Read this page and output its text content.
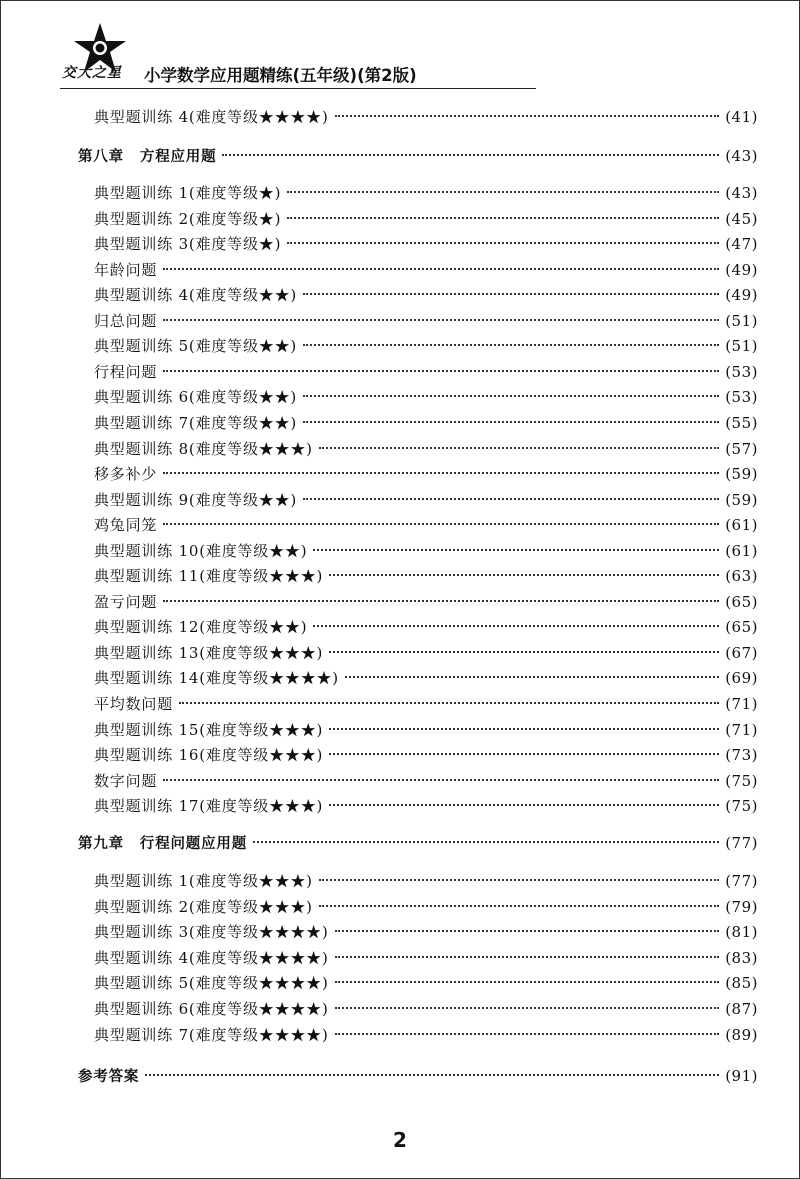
交大之星	小学数学应用题精练(五年级)(第2版)
典型题训练 4(难度等级★★★★)	(41)
第八章 方程应用题	(43)
典型题训练 1(难度等级★)	(43)
典型题训练 2(难度等级★)	(45)
典型题训练 3(难度等级★)	(47)
年龄问题	(49)
典型题训练 4(难度等级★★)	(49)
归总问题	(51)
典型题训练 5(难度等级★★)	(51)
行程问题	(53)
典型题训练 6(难度等级★★)	(53)
典型题训练 7(难度等级★★)	(55)
典型题训练 8(难度等级★★★)	(57)
移多补少	(59)
典型题训练 9(难度等级★★)	(59)
鸡兔同笼	(61)
典型题训练 10(难度等级★★)	(61)
典型题训练 11(难度等级★★★)	(63)
盈亏问题	(65)
典型题训练 12(难度等级★★)	(65)
典型题训练 13(难度等级★★★)	(67)
典型题训练 14(难度等级★★★★)	(69)
平均数问题	(71)
典型题训练 15(难度等级★★★)	(71)
典型题训练 16(难度等级★★★)	(73)
数字问题	(75)
典型题训练 17(难度等级★★★)	(75)
第九章 行程问题应用题	(77)
典型题训练 1(难度等级★★★)	(77)
典型题训练 2(难度等级★★★)	(79)
典型题训练 3(难度等级★★★★)	(81)
典型题训练 4(难度等级★★★★)	(83)
典型题训练 5(难度等级★★★★)	(85)
典型题训练 6(难度等级★★★★)	(87)
典型题训练 7(难度等级★★★★)	(89)
参考答案	(91)
2
